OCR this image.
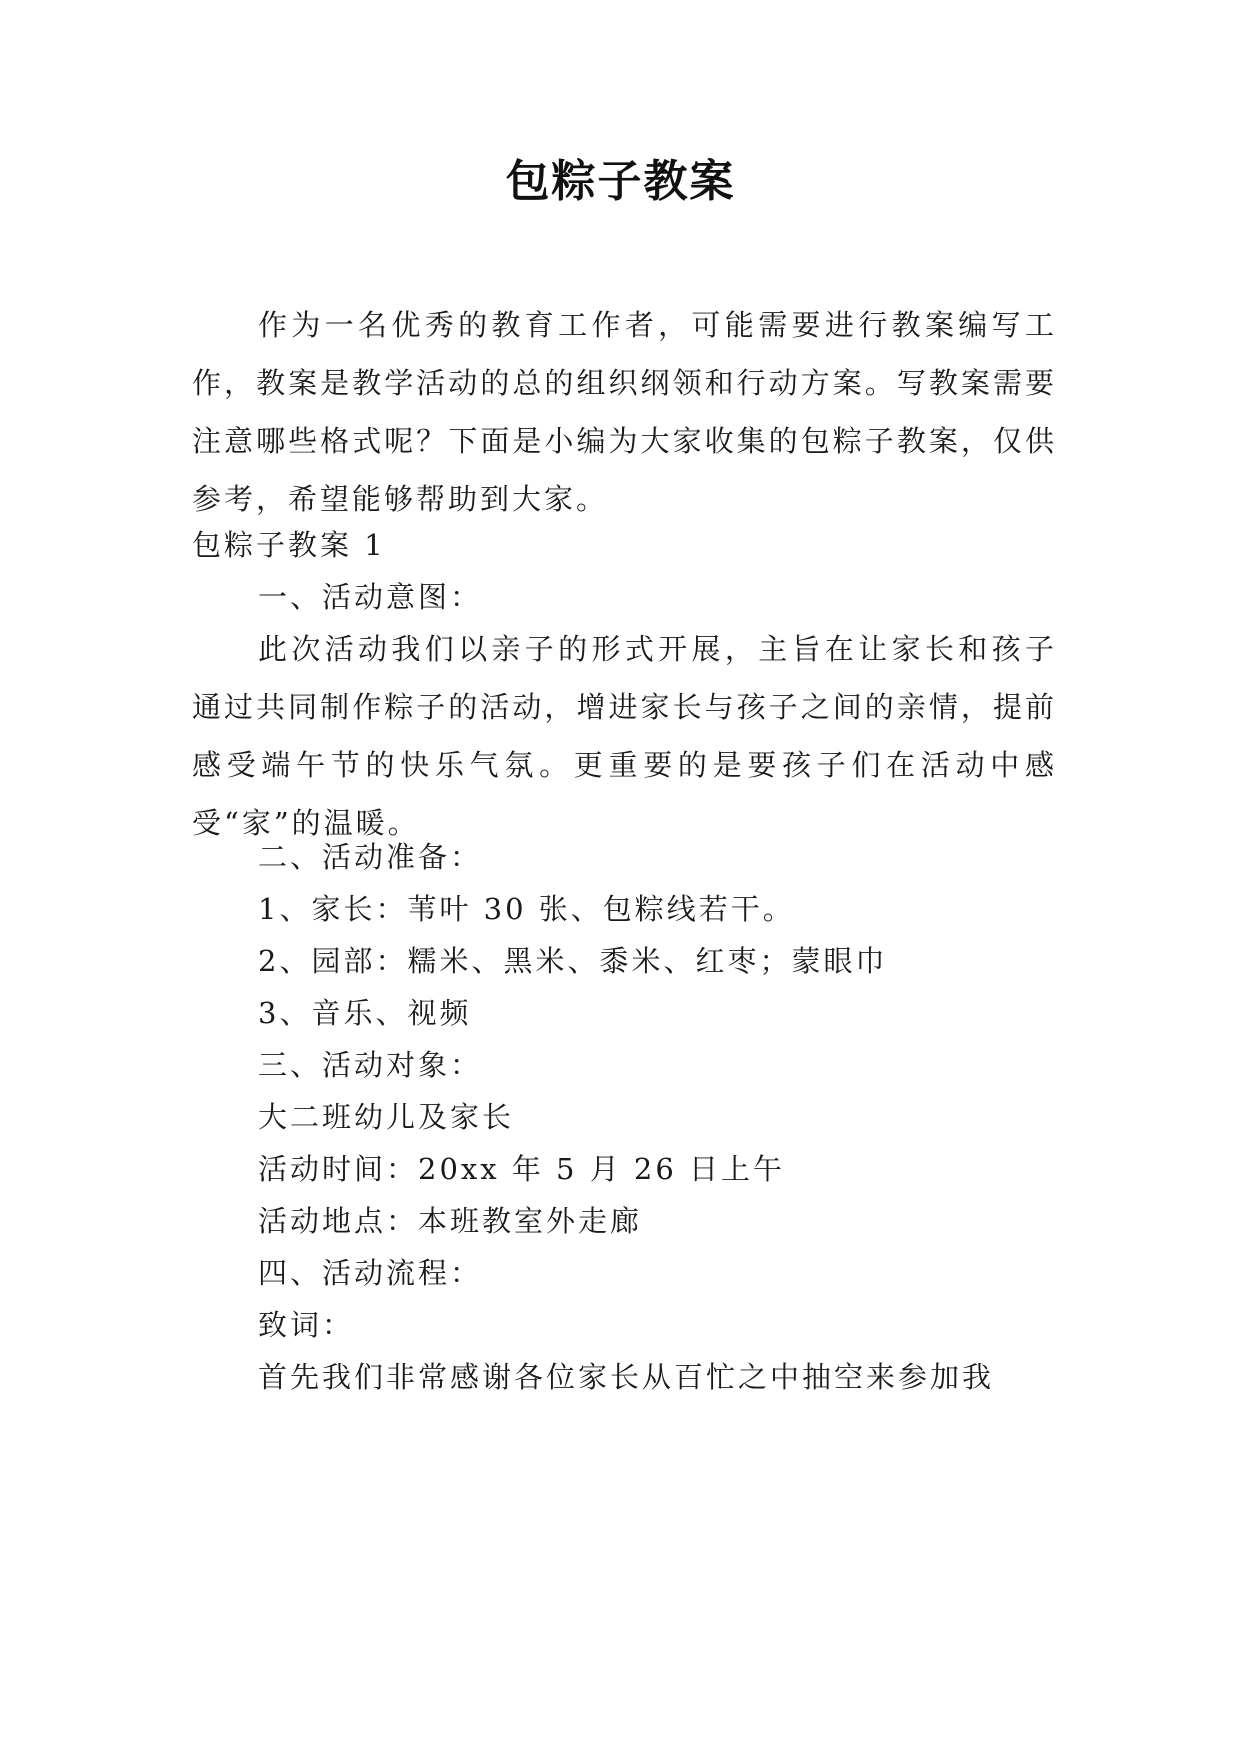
包粽子教案
作为一名优秀的教育工作者，可能需要进行教案编写工作，教案是教学活动的总的组织纲领和行动方案。写教案需要注意哪些格式呢？下面是小编为大家收集的包粽子教案，仅供参考，希望能够帮助到大家。
包粽子教案 1
一、活动意图：
此次活动我们以亲子的形式开展，主旨在让家长和孩子通过共同制作粽子的活动，增进家长与孩子之间的亲情，提前感受端午节的快乐气氛。更重要的是要孩子们在活动中感受“家”的温暖。
二、活动准备：
1、家长：苇叶 30 张、包粽线若干。
2、园部：糯米、黑米、黍米、红枣；蒙眼巾
3、音乐、视频
三、活动对象：
大二班幼儿及家长
活动时间：20xx 年 5 月 26 日上午
活动地点：本班教室外走廊
四、活动流程：
致词：
首先我们非常感谢各位家长从百忙之中抽空来参加我
